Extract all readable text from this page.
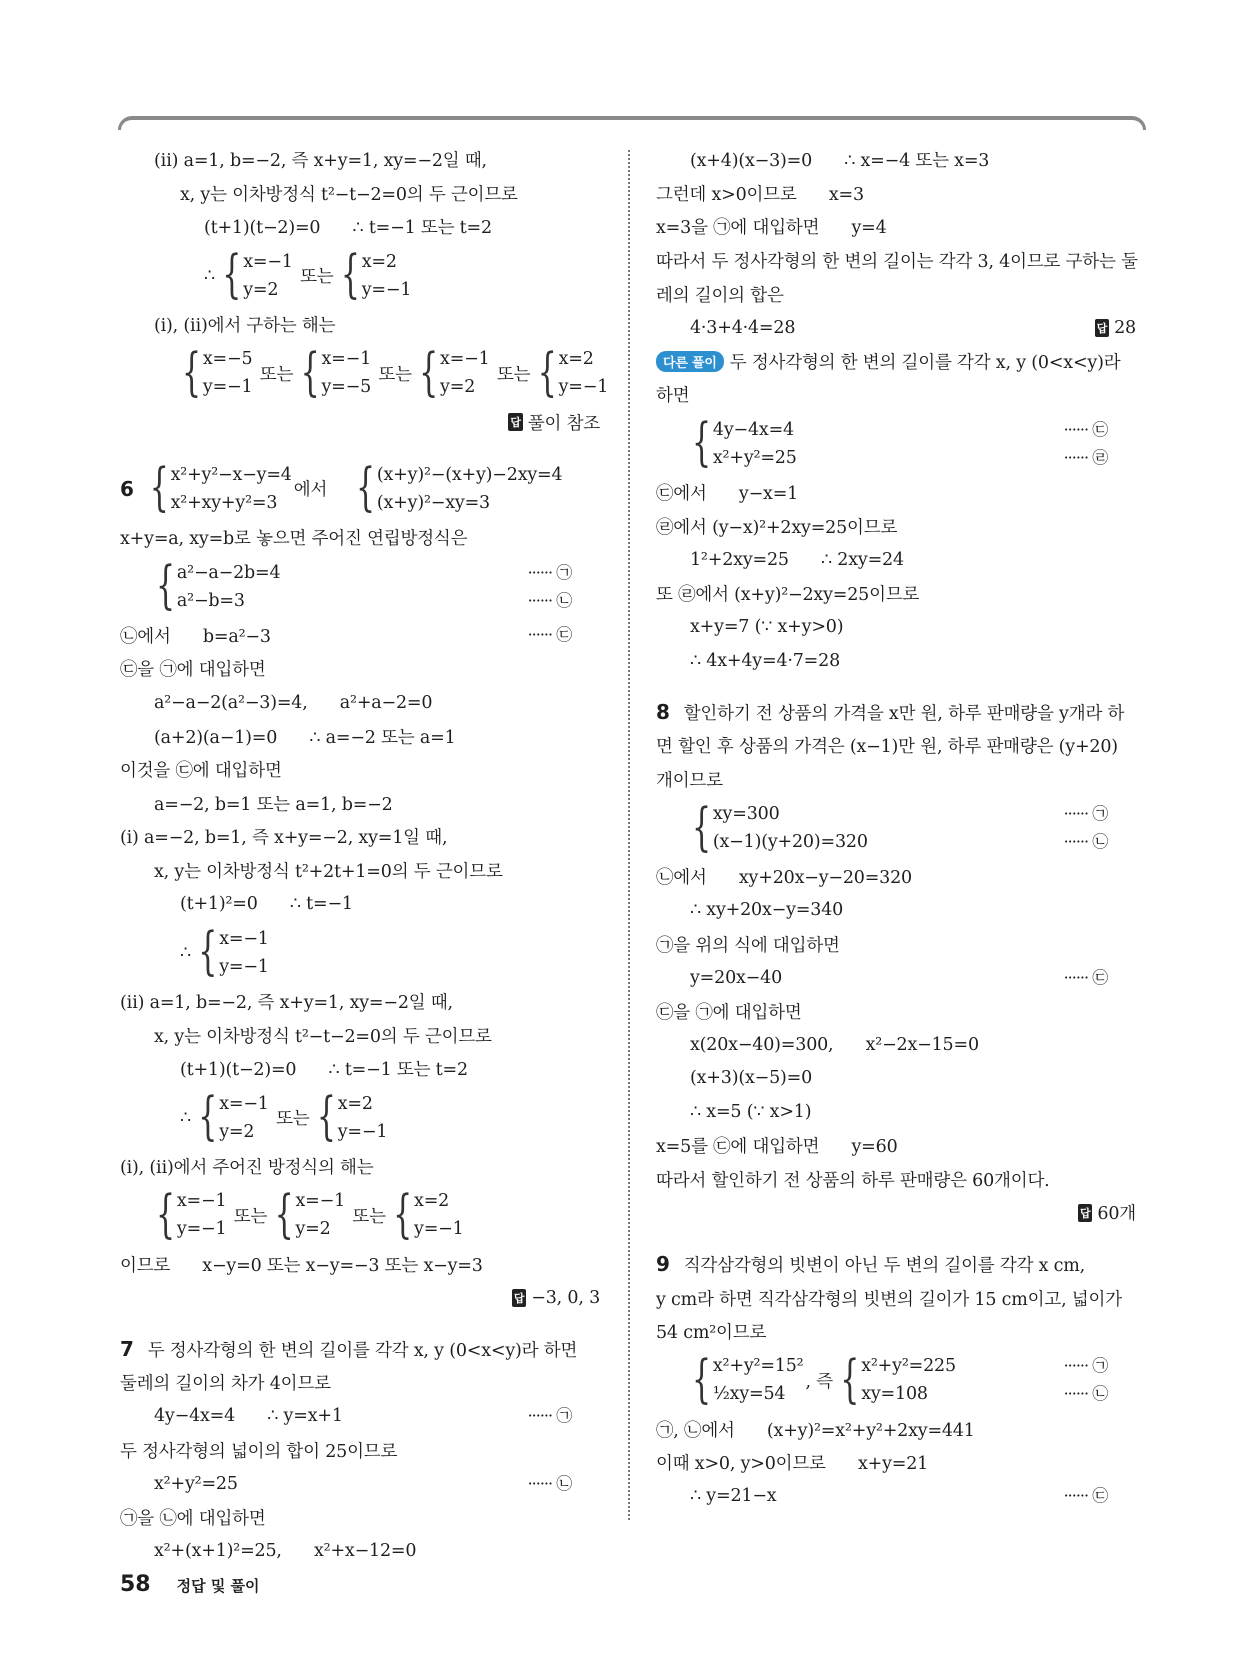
(ⅱ) a=1, b=−2, 즉 x+y=1, xy=−2일 때,
x, y는 이차방정식 t²−t−2=0의 두 근이므로
(t+1)(t−2)=0      ∴ t=−1 또는 t=2
∴ { x=−1
y=2
또는 { x=2
y=−1
(ⅰ), (ⅱ)에서 구하는 해는
{ x=−5
y=−1
또는 { x=−1
y=−5
또는 { x=−1
y=2
또는 { x=2
y=−1
답 풀이 참조
6 { x²+y²−x−y=4
x²+xy+y²=3
에서 { (x+y)²−(x+y)−2xy=4
(x+y)²−xy=3
x+y=a, xy=b로 놓으면 주어진 연립방정식은
{ a²−a−2b=4
a²−b=3
······ ㉠
······ ㉡
㉡에서      b=a²−3	······ ㉢
㉢을 ㉠에 대입하면
a²−a−2(a²−3)=4,      a²+a−2=0
(a+2)(a−1)=0      ∴ a=−2 또는 a=1
이것을 ㉢에 대입하면
a=−2, b=1 또는 a=1, b=−2
(ⅰ) a=−2, b=1, 즉 x+y=−2, xy=1일 때,
x, y는 이차방정식 t²+2t+1=0의 두 근이므로
(t+1)²=0      ∴ t=−1
∴ { x=−1
y=−1
(ⅱ) a=1, b=−2, 즉 x+y=1, xy=−2일 때,
x, y는 이차방정식 t²−t−2=0의 두 근이므로
(t+1)(t−2)=0      ∴ t=−1 또는 t=2
∴ { x=−1
y=2
또는 { x=2
y=−1
(ⅰ), (ⅱ)에서 주어진 방정식의 해는
{ x=−1
y=−1
또는 { x=−1
y=2
또는 { x=2
y=−1
이므로      x−y=0 또는 x−y=−3 또는 x−y=3
답 −3, 0, 3
7 두 정사각형의 한 변의 길이를 각각 x, y (0<x<y)라 하면
둘레의 길이의 차가 4이므로
4y−4x=4      ∴ y=x+1	······ ㉠
두 정사각형의 넓이의 합이 25이므로
x²+y²=25	······ ㉡
㉠을 ㉡에 대입하면
x²+(x+1)²=25,      x²+x−12=0
(x+4)(x−3)=0      ∴ x=−4 또는 x=3
그런데 x>0이므로      x=3
x=3을 ㉠에 대입하면      y=4
따라서 두 정사각형의 한 변의 길이는 각각 3, 4이므로 구하는 둘
레의 길이의 합은
4·3+4·4=28	답 28
다른 풀이 두 정사각형의 한 변의 길이를 각각 x, y (0<x<y)라
하면
{ 4y−4x=4
x²+y²=25
······ ㉢
······ ㉣
㉢에서      y−x=1
㉣에서 (y−x)²+2xy=25이므로
1²+2xy=25      ∴ 2xy=24
또 ㉣에서 (x+y)²−2xy=25이므로
x+y=7 (∵ x+y>0)
∴ 4x+4y=4·7=28
8 할인하기 전 상품의 가격을 x만 원, 하루 판매량을 y개라 하
면 할인 후 상품의 가격은 (x−1)만 원, 하루 판매량은 (y+20)
개이므로
{ xy=300
(x−1)(y+20)=320
······ ㉠
······ ㉡
㉡에서      xy+20x−y−20=320
∴ xy+20x−y=340
㉠을 위의 식에 대입하면
y=20x−40	······ ㉢
㉢을 ㉠에 대입하면
x(20x−40)=300,      x²−2x−15=0
(x+3)(x−5)=0
∴ x=5 (∵ x>1)
x=5를 ㉢에 대입하면      y=60
따라서 할인하기 전 상품의 하루 판매량은 60개이다.
답 60개
9 직각삼각형의 빗변이 아닌 두 변의 길이를 각각 x cm,
y cm라 하면 직각삼각형의 빗변의 길이가 15 cm이고, 넓이가
54 cm²이므로
{ x²+y²=15²
½xy=54
, 즉 { x²+y²=225
xy=108
······ ㉠
······ ㉡
㉠, ㉡에서      (x+y)²=x²+y²+2xy=441
이때 x>0, y>0이므로      x+y=21
∴ y=21−x	······ ㉢
58 정답 및 풀이
